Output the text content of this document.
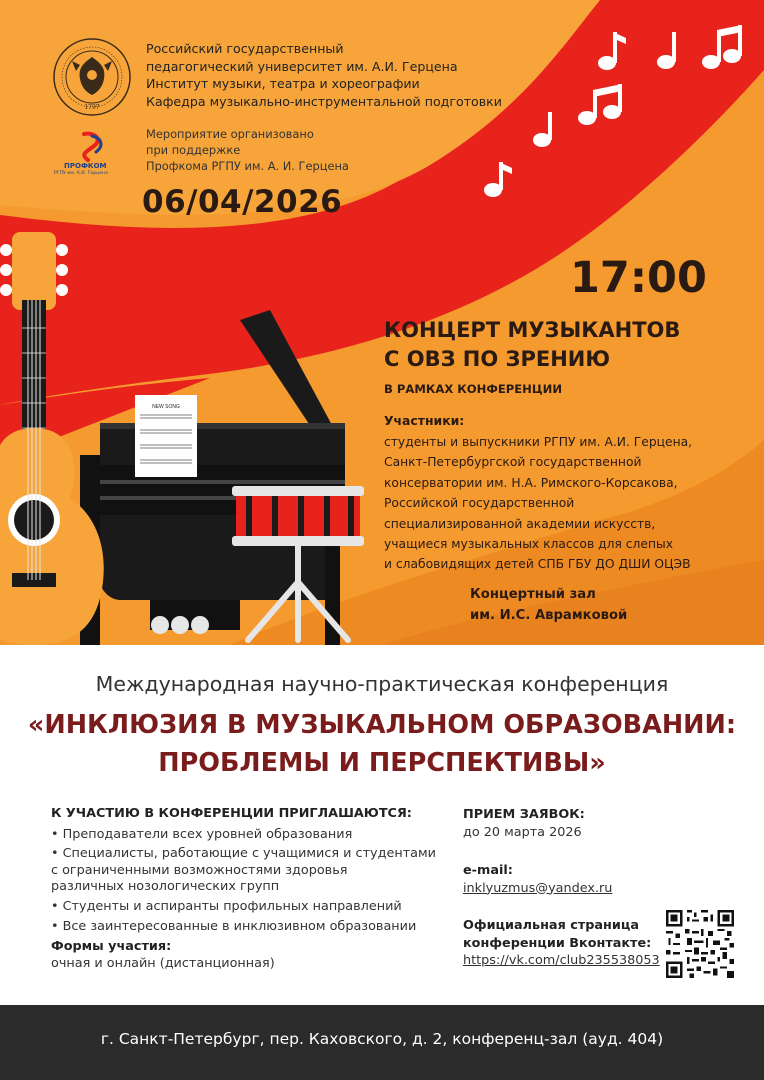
NEW SONG
1797
Российский государственный
педагогический университет им. А.И. Герцена
Институт музыки, театра и хореографии
Кафедра музыкально-инструментальной подготовки
ПРОФКОМ
РГПУ им. А.И. Герцена
Мероприятие организовано
при поддержке
Профкома РГПУ им. А. И. Герцена
06/04/2026
17:00
КОНЦЕРТ МУЗЫКАНТОВ
С ОВЗ ПО ЗРЕНИЮ
В РАМКАХ КОНФЕРЕНЦИИ
Участники:
студенты и выпускники РГПУ им. А.И. Герцена,
Санкт-Петербургской государственной
консерватории им. Н.А. Римского-Корсакова,
Российской государственной
специализированной академии искусств,
учащиеся музыкальных классов для слепых
и слабовидящих детей СПБ ГБУ ДО ДШИ ОЦЭВ
Концертный зал
им. И.С. Аврамковой
Международная научно-практическая конференция
«ИНКЛЮЗИЯ В МУЗЫКАЛЬНОМ ОБРАЗОВАНИИ:
ПРОБЛЕМЫ И ПЕРСПЕКТИВЫ»
К УЧАСТИЮ В КОНФЕРЕНЦИИ ПРИГЛАШАЮТСЯ:
• Преподаватели всех уровней образования
• Специалисты, работающие с учащимися и студентами
с ограниченными возможностями здоровья
различных нозологических групп
• Студенты и аспиранты профильных направлений
• Все заинтересованные в инклюзивном образовании
Формы участия:
очная и онлайн (дистанционная)
ПРИЕМ ЗАЯВОК:
до 20 марта 2026
e-mail:
inklyuzmus@yandex.ru
Официальная страница
конференции Вконтакте:
https://vk.com/club235538053
г. Санкт-Петербург, пер. Каховского, д. 2, конференц-зал (ауд. 404)
